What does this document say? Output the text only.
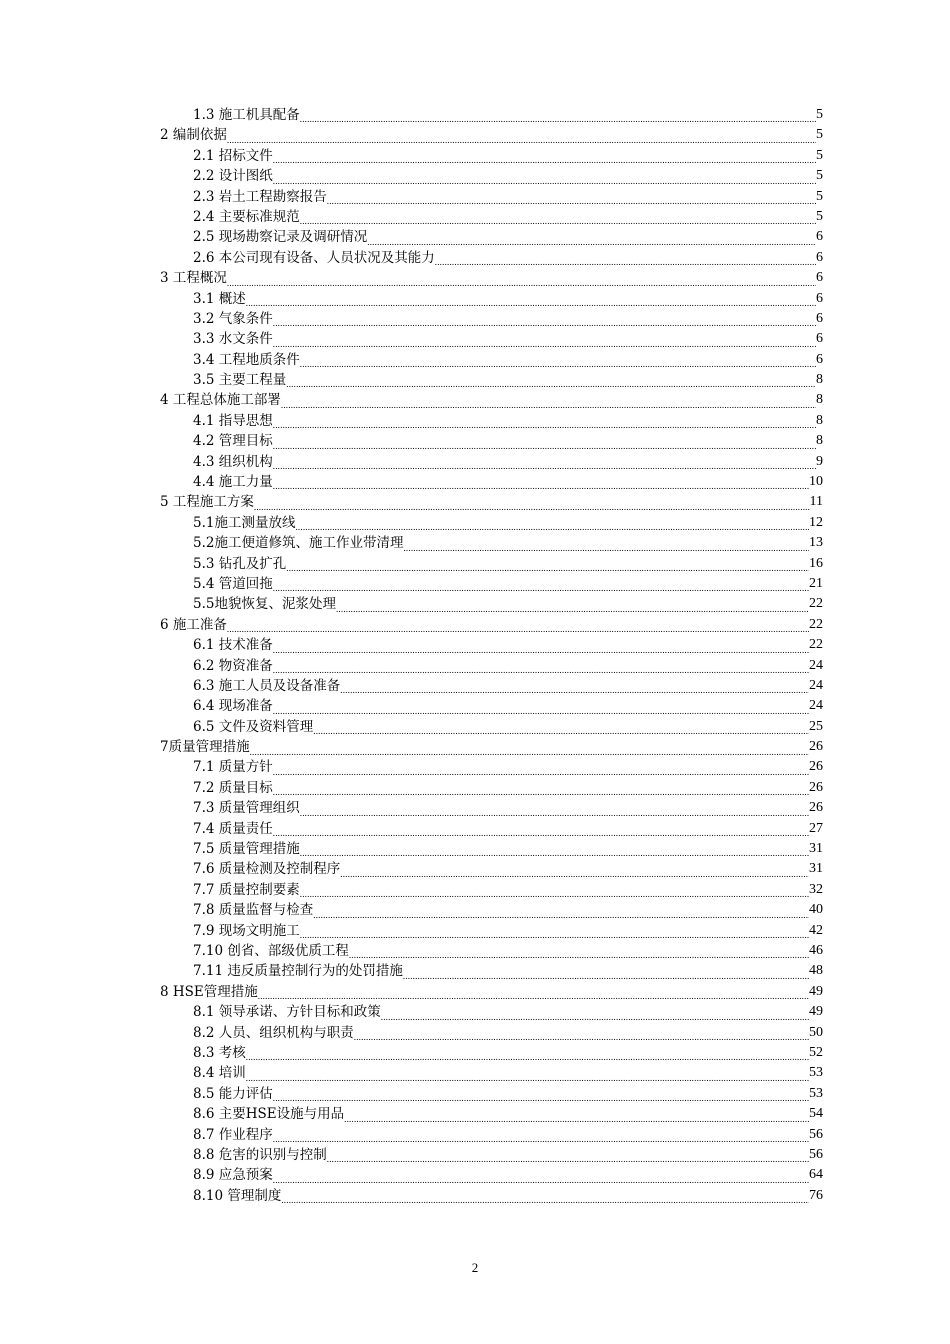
1.3 施工机具配备 .....	5
2 编制依据 .....	5
2.1 招标文件 .....	5
2.2 设计图纸 .....	5
2.3 岩土工程勘察报告 .....	5
2.4 主要标准规范 .....	5
2.5 现场勘察记录及调研情况 .....	6
2.6 本公司现有设备、人员状况及其能力 .....	6
3 工程概况 .....	6
3.1 概述 .....	6
3.2 气象条件 .....	6
3.3 水文条件 .....	6
3.4 工程地质条件 .....	6
3.5 主要工程量 .....	8
4 工程总体施工部署 .....	8
4.1 指导思想 .....	8
4.2 管理目标 .....	8
4.3 组织机构 .....	9
4.4 施工力量 .....	10
5 工程施工方案 .....	11
5.1施工测量放线 .....	12
5.2施工便道修筑、施工作业带清理 .....	13
5.3 钻孔及扩孔 .....	16
5.4 管道回拖 .....	21
5.5地貌恢复、泥浆处理 .....	22
6 施工准备 .....	22
6.1 技术准备 .....	22
6.2 物资准备 .....	24
6.3 施工人员及设备准备 .....	24
6.4 现场准备 .....	24
6.5 文件及资料管理 .....	25
7质量管理措施 .....	26
7.1 质量方针 .....	26
7.2 质量目标 .....	26
7.3 质量管理组织 .....	26
7.4 质量责任 .....	27
7.5 质量管理措施 .....	31
7.6 质量检测及控制程序 .....	31
7.7 质量控制要素 .....	32
7.8 质量监督与检查 .....	40
7.9 现场文明施工 .....	42
7.10 创省、部级优质工程 .....	46
7.11 违反质量控制行为的处罚措施 .....	48
8 HSE管理措施 .....	49
8.1 领导承诺、方针目标和政策 .....	49
8.2 人员、组织机构与职责 .....	50
8.3 考核 .....	52
8.4 培训 .....	53
8.5 能力评估 .....	53
8.6 主要HSE设施与用品 .....	54
8.7 作业程序 .....	56
8.8 危害的识别与控制 .....	56
8.9 应急预案 .....	64
8.10 管理制度 .....	76
2
